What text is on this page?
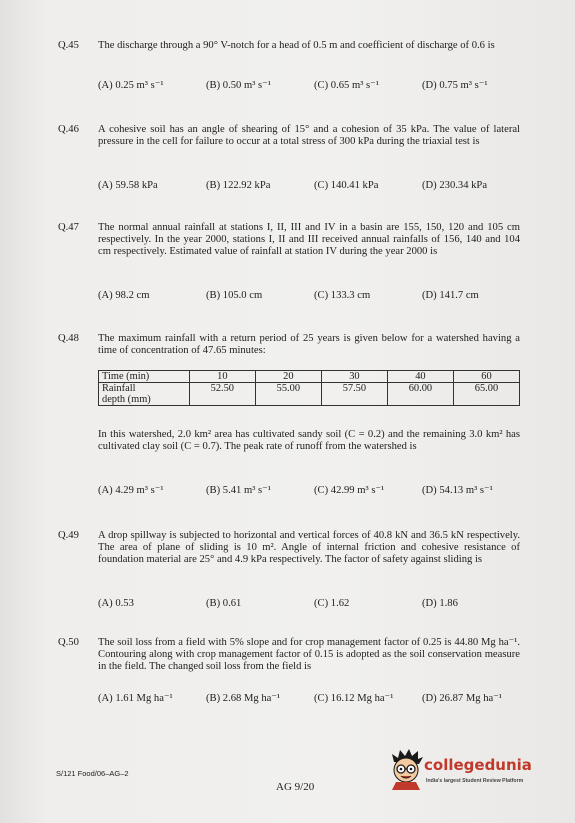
Q.45	The discharge through a 90° V-notch for a head of 0.5 m and coefficient of discharge of 0.6 is
(A) 0.25 m³ s⁻¹	(B) 0.50 m³ s⁻¹	(C) 0.65 m³ s⁻¹	(D) 0.75 m³ s⁻¹
Q.46	A cohesive soil has an angle of shearing of 15° and a cohesion of 35 kPa. The value of lateral pressure in the cell for failure to occur at a total stress of 300 kPa during the triaxial test is
(A) 59.58 kPa	(B) 122.92 kPa	(C) 140.41 kPa	(D) 230.34 kPa
Q.47	The normal annual rainfall at stations I, II, III and IV in a basin are 155, 150, 120 and 105 cm respectively. In the year 2000, stations I, II and III received annual rainfalls of 156, 140 and 104 cm respectively. Estimated value of rainfall at station IV during the year 2000 is
(A) 98.2 cm	(B) 105.0 cm	(C) 133.3 cm	(D) 141.7 cm
Q.48	The maximum rainfall with a return period of 25 years is given below for a watershed having a time of concentration of 47.65 minutes:
Time (min)	10	20	30	40	60

Rainfall
depth (mm)	52.50	55.00	57.50	60.00	65.00
In this watershed, 2.0 km² area has cultivated sandy soil (C = 0.2) and the remaining 3.0 km² has cultivated clay soil (C = 0.7). The peak rate of runoff from the watershed is
(A) 4.29 m³ s⁻¹	(B) 5.41 m³ s⁻¹	(C) 42.99 m³ s⁻¹	(D) 54.13 m³ s⁻¹
Q.49	A drop spillway is subjected to horizontal and vertical forces of 40.8 kN and 36.5 kN respectively. The area of plane of sliding is 10 m². Angle of internal friction and cohesive resistance of foundation material are 25° and 4.9 kPa respectively. The factor of safety against sliding is
(A) 0.53	(B) 0.61	(C) 1.62	(D) 1.86
Q.50	The soil loss from a field with 5% slope and for crop management factor of 0.25 is 44.80 Mg ha⁻¹. Contouring along with crop management factor of 0.15 is adopted as the soil conservation measure in the field. The changed soil loss from the field is
(A) 1.61 Mg ha⁻¹	(B) 2.68 Mg ha⁻¹	(C) 16.12 Mg ha⁻¹	(D) 26.87 Mg ha⁻¹
S/121 Food/06–AG–2
AG 9/20
collegedunia
India's largest Student Review Platform
